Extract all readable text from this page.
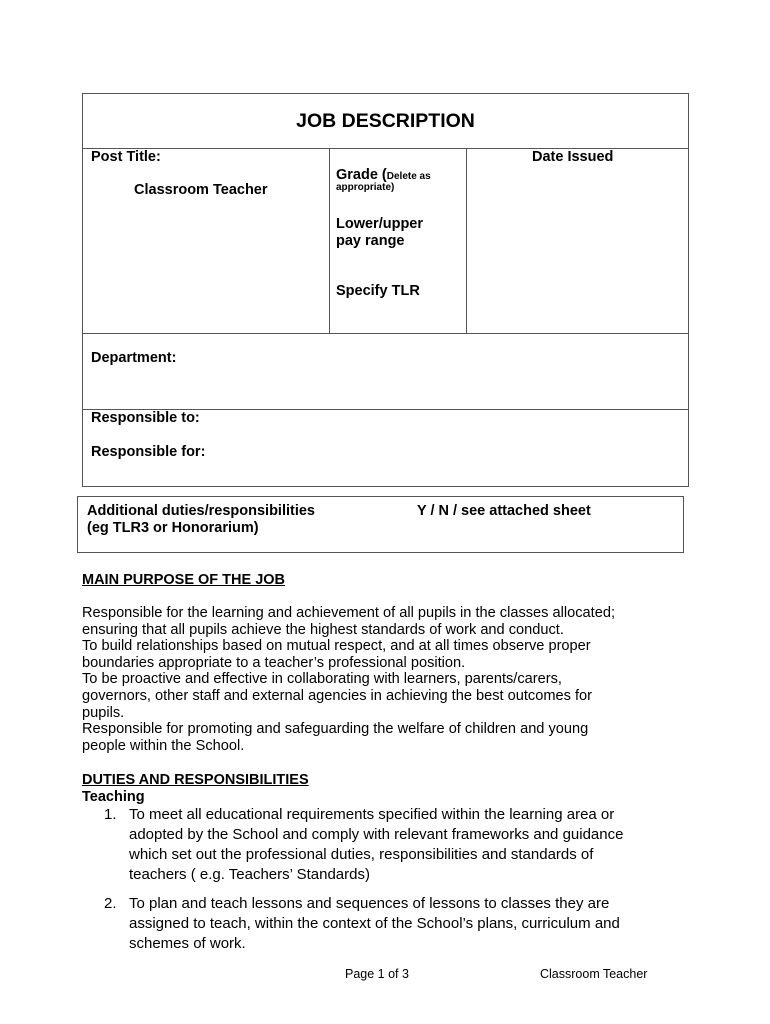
JOB DESCRIPTION
Post Title:
Classroom Teacher
Grade (Delete as
appropriate)
Lower/upper
pay range
Specify TLR
Date Issued
Department:
Responsible to:
Responsible for:
Additional duties/responsibilities
(eg TLR3 or Honorarium)
Y / N / see attached sheet
MAIN PURPOSE OF THE JOB
Responsible for the learning and achievement of all pupils in the classes allocated;
ensuring that all pupils achieve the highest standards of work and conduct.
To build relationships based on mutual respect, and at all times observe proper
boundaries appropriate to a teacher’s professional position.
To be proactive and effective in collaborating with learners, parents/carers,
governors, other staff and external agencies in achieving the best outcomes for
pupils.
Responsible for promoting and safeguarding the welfare of children and young
people within the School.
DUTIES AND RESPONSIBILITIES
Teaching
1. To meet all educational requirements specified within the learning area or
adopted by the School and comply with relevant frameworks and guidance
which set out the professional duties, responsibilities and standards of
teachers ( e.g. Teachers’ Standards)
2. To plan and teach lessons and sequences of lessons to classes they are
assigned to teach, within the context of the School’s plans, curriculum and
schemes of work.
Page 1 of 3	Classroom Teacher
